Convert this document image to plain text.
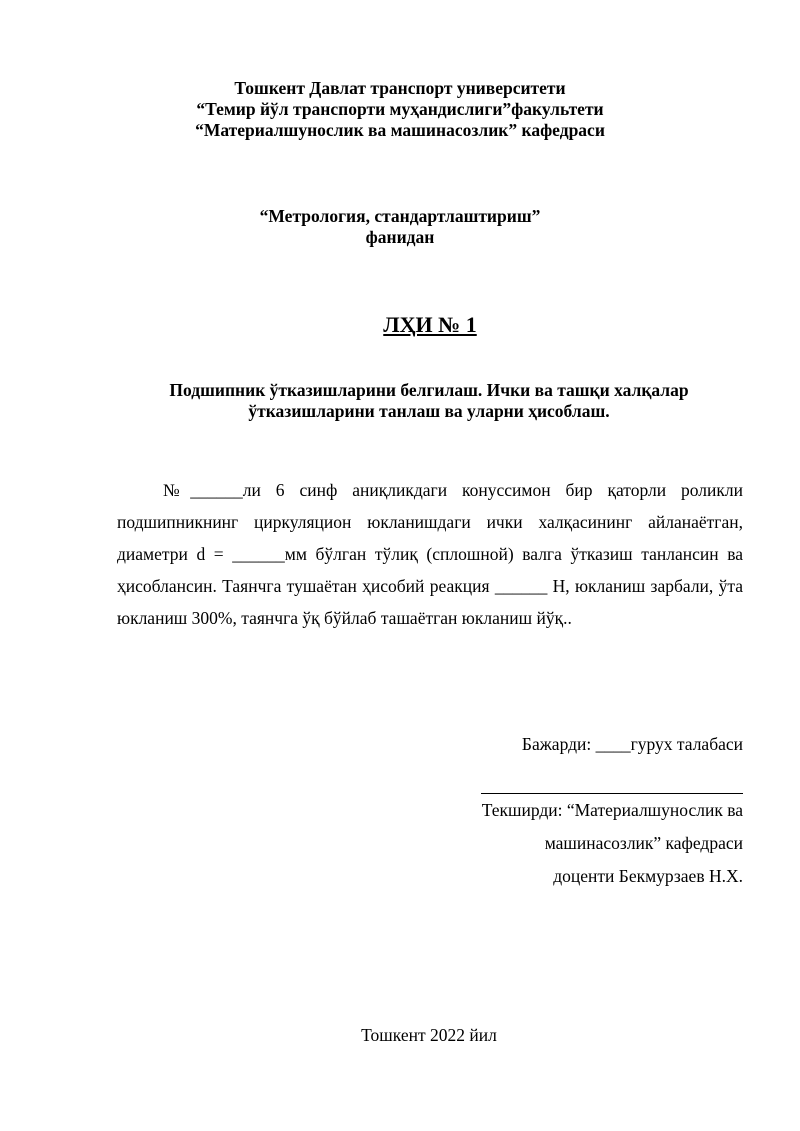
Тошкент Давлат транспорт университети
“Темир йўл транспорти муҳандислиги”факультети
“Материалшунослик ва машинасозлик” кафедраси
“Метрология, стандартлаштириш”
фанидан
ЛҲИ № 1
Подшипник ўтказишларини белгилаш. Ички ва ташқи халқалар
ўтказишларини танлаш ва уларни ҳисоблаш.

№______ли 6 синф аниқликдаги конуссимон бир қаторли роликли подшипникнинг циркуляцион юкланишдаги ички халқасининг айланаётган, диаметри d = ______мм бўлган тўлиқ (сплошной) валга ўтказиш танлансин ва ҳисоблансин. Таянчга тушаётан ҳисобий реакция ______ Н, юкланиш зарбали, ўта юкланиш 300%, таянчга ўқ бўйлаб ташаётган юкланиш йўқ..

Бажарди: ____гурух талабаси
Текширди: “Материалшунослик ва
машинасозлик” кафедраси
доценти Бекмурзаев Н.Х.
Тошкент 2022 йил
